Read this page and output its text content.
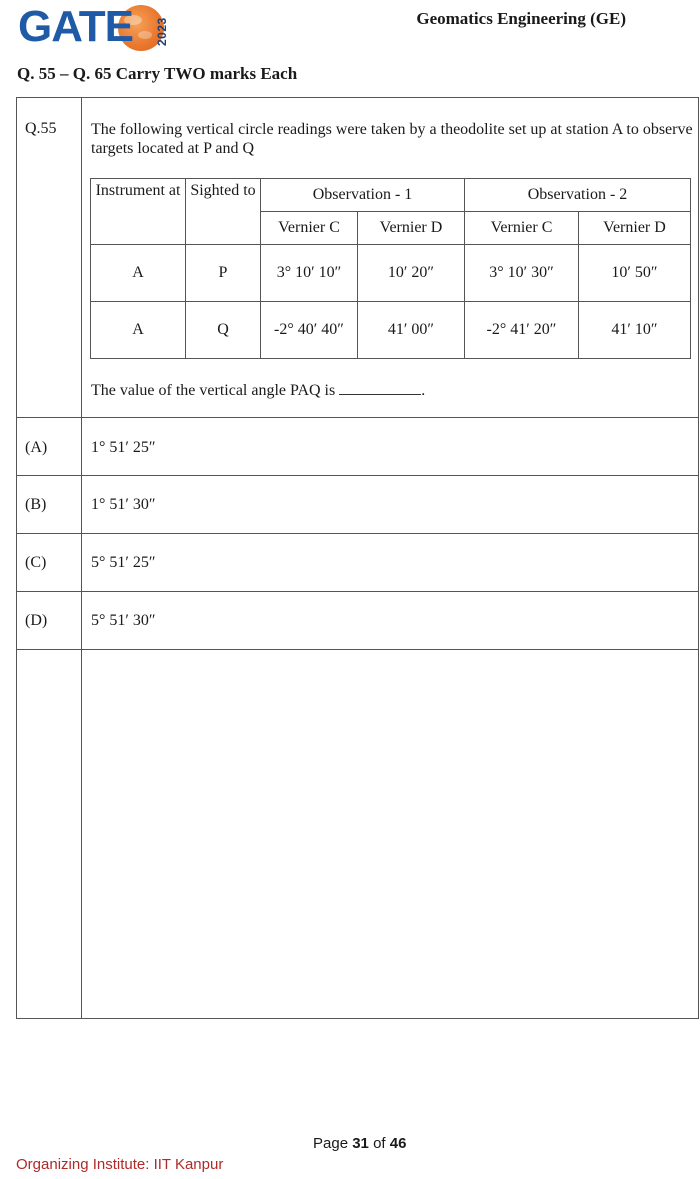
GATE 2023	Geomatics Engineering (GE)
Q. 55 – Q. 65 Carry TWO marks Each
Q.55 The following vertical circle readings were taken by a theodolite set up at station A to observe targets located at P and Q
Instrument at	Sighted to	Observation - 1		Observation - 2	
		Vernier C	Vernier D	Vernier C	Vernier D
A	P	3° 10′ 10″	10′ 20″	3° 10′ 30″	10′ 50″
A	Q	-2° 40′ 40″	41′ 00″	-2° 41′ 20″	41′ 10″
The value of the vertical angle PAQ is	.
(A)	1° 51′ 25″
(B)	1° 51′ 30″
(C)	5° 51′ 25″
(D)	5° 51′ 30″
Page 31 of 46
Organizing Institute: IIT Kanpur
